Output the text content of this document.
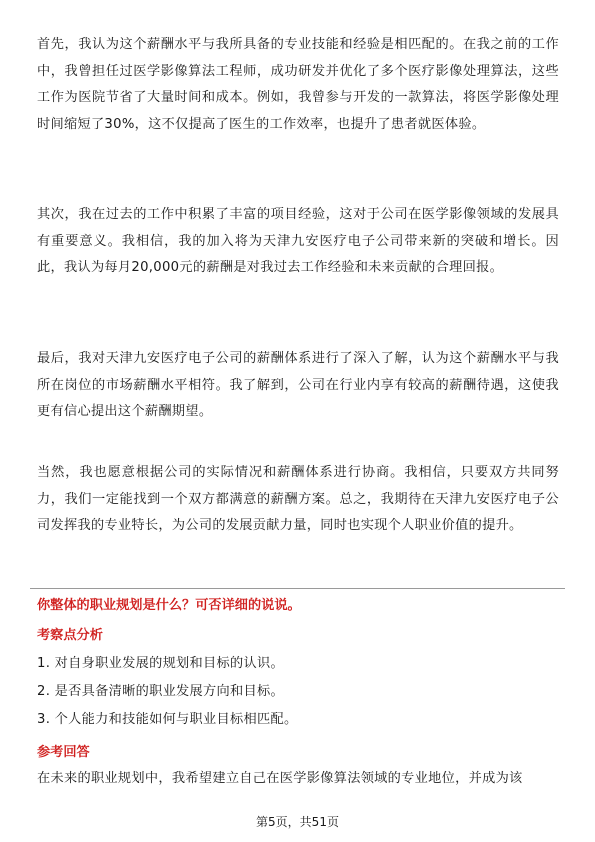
首先，我认为这个薪酬水平与我所具备的专业技能和经验是相匹配的。在我之前的工作中，我曾担任过医学影像算法工程师，成功研发并优化了多个医疗影像处理算法，这些工作为医院节省了大量时间和成本。例如，我曾参与开发的一款算法，将医学影像处理时间缩短了30%，这不仅提高了医生的工作效率，也提升了患者就医体验。

其次，我在过去的工作中积累了丰富的项目经验，这对于公司在医学影像领域的发展具有重要意义。我相信，我的加入将为天津九安医疗电子公司带来新的突破和增长。因此，我认为每月20,000元的薪酬是对我过去工作经验和未来贡献的合理回报。

最后，我对天津九安医疗电子公司的薪酬体系进行了深入了解，认为这个薪酬水平与我所在岗位的市场薪酬水平相符。我了解到，公司在行业内享有较高的薪酬待遇，这使我更有信心提出这个薪酬期望。

当然，我也愿意根据公司的实际情况和薪酬体系进行协商。我相信，只要双方共同努力，我们一定能找到一个双方都满意的薪酬方案。总之，我期待在天津九安医疗电子公司发挥我的专业特长，为公司的发展贡献力量，同时也实现个人职业价值的提升。

你整体的职业规划是什么？可否详细的说说。

考察点分析

1. 对自身职业发展的规划和目标的认识。
2. 是否具备清晰的职业发展方向和目标。
3. 个人能力和技能如何与职业目标相匹配。

参考回答

在未来的职业规划中，我希望建立自己在医学影像算法领域的专业地位，并成为该

第5页，共51页
